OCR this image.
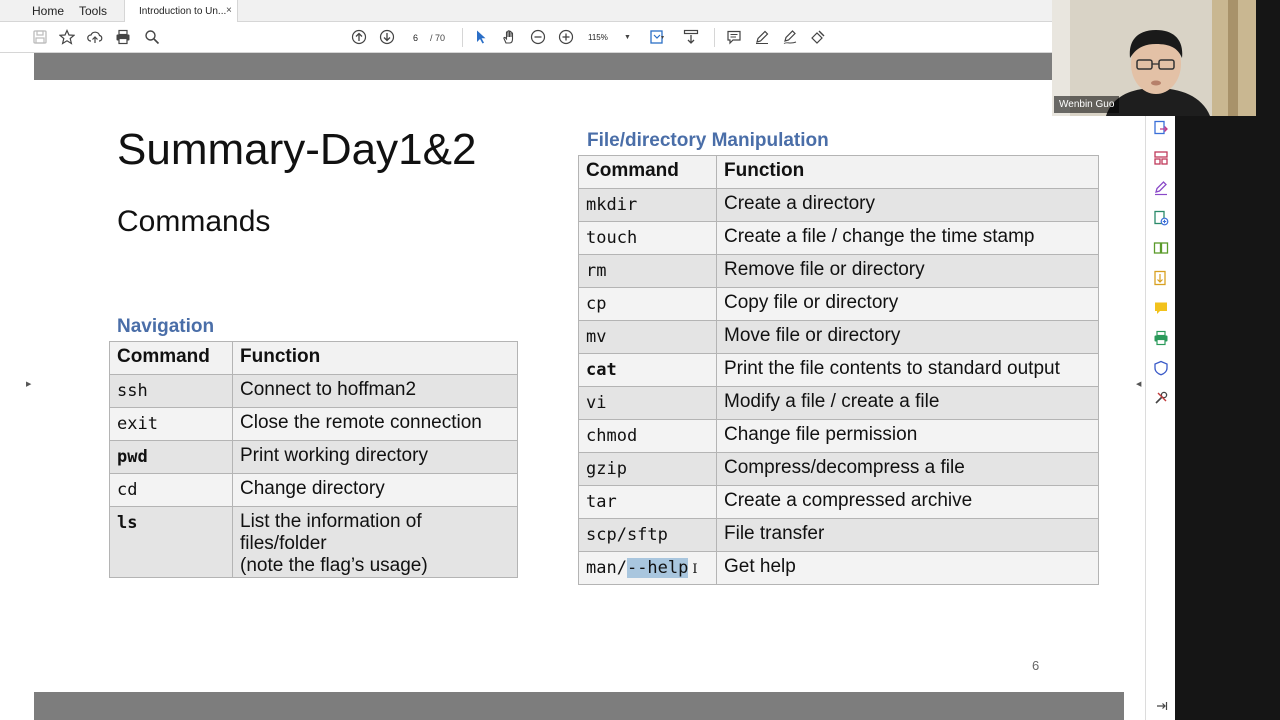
Home Tools	Introduction to Un... ×
6	/ 70	115%	▼	▾
▶	◀
Summary-Day1&2
Commands
Navigation
Command	Function
ssh	Connect to hoffman2
exit	Close the remote connection
pwd	Print working directory
cd	Change directory
ls	List the information of
files/folder
(note the flag’s usage)
File/directory Manipulation
Command	Function
mkdir	Create a directory
touch	Create a file / change the time stamp
rm	Remove file or directory
cp	Copy file or directory
mv	Move file or directory
cat	Print the file contents to standard output
vi	Modify a file / create a file
chmod	Change file permission
gzip	Compress/decompress a file
tar	Create a compressed archive
scp/sftp	File transfer
man/--help I	Get help
6
Wenbin Guo
